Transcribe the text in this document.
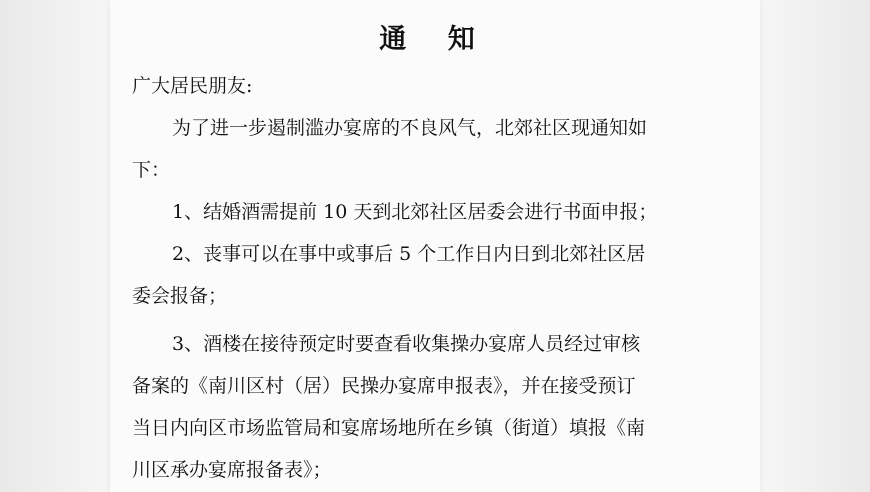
通 知
广大居民朋友:
为了进一步遏制滥办宴席的不良风气，北郊社区现通知如
下：
1、结婚酒需提前 10 天到北郊社区居委会进行书面申报；
2、丧事可以在事中或事后 5 个工作日内日到北郊社区居
委会报备；
3、酒楼在接待预定时要查看收集操办宴席人员经过审核
备案的《南川区村（居）民操办宴席申报表》，并在接受预订
当日内向区市场监管局和宴席场地所在乡镇（街道）填报《南
川区承办宴席报备表》；
